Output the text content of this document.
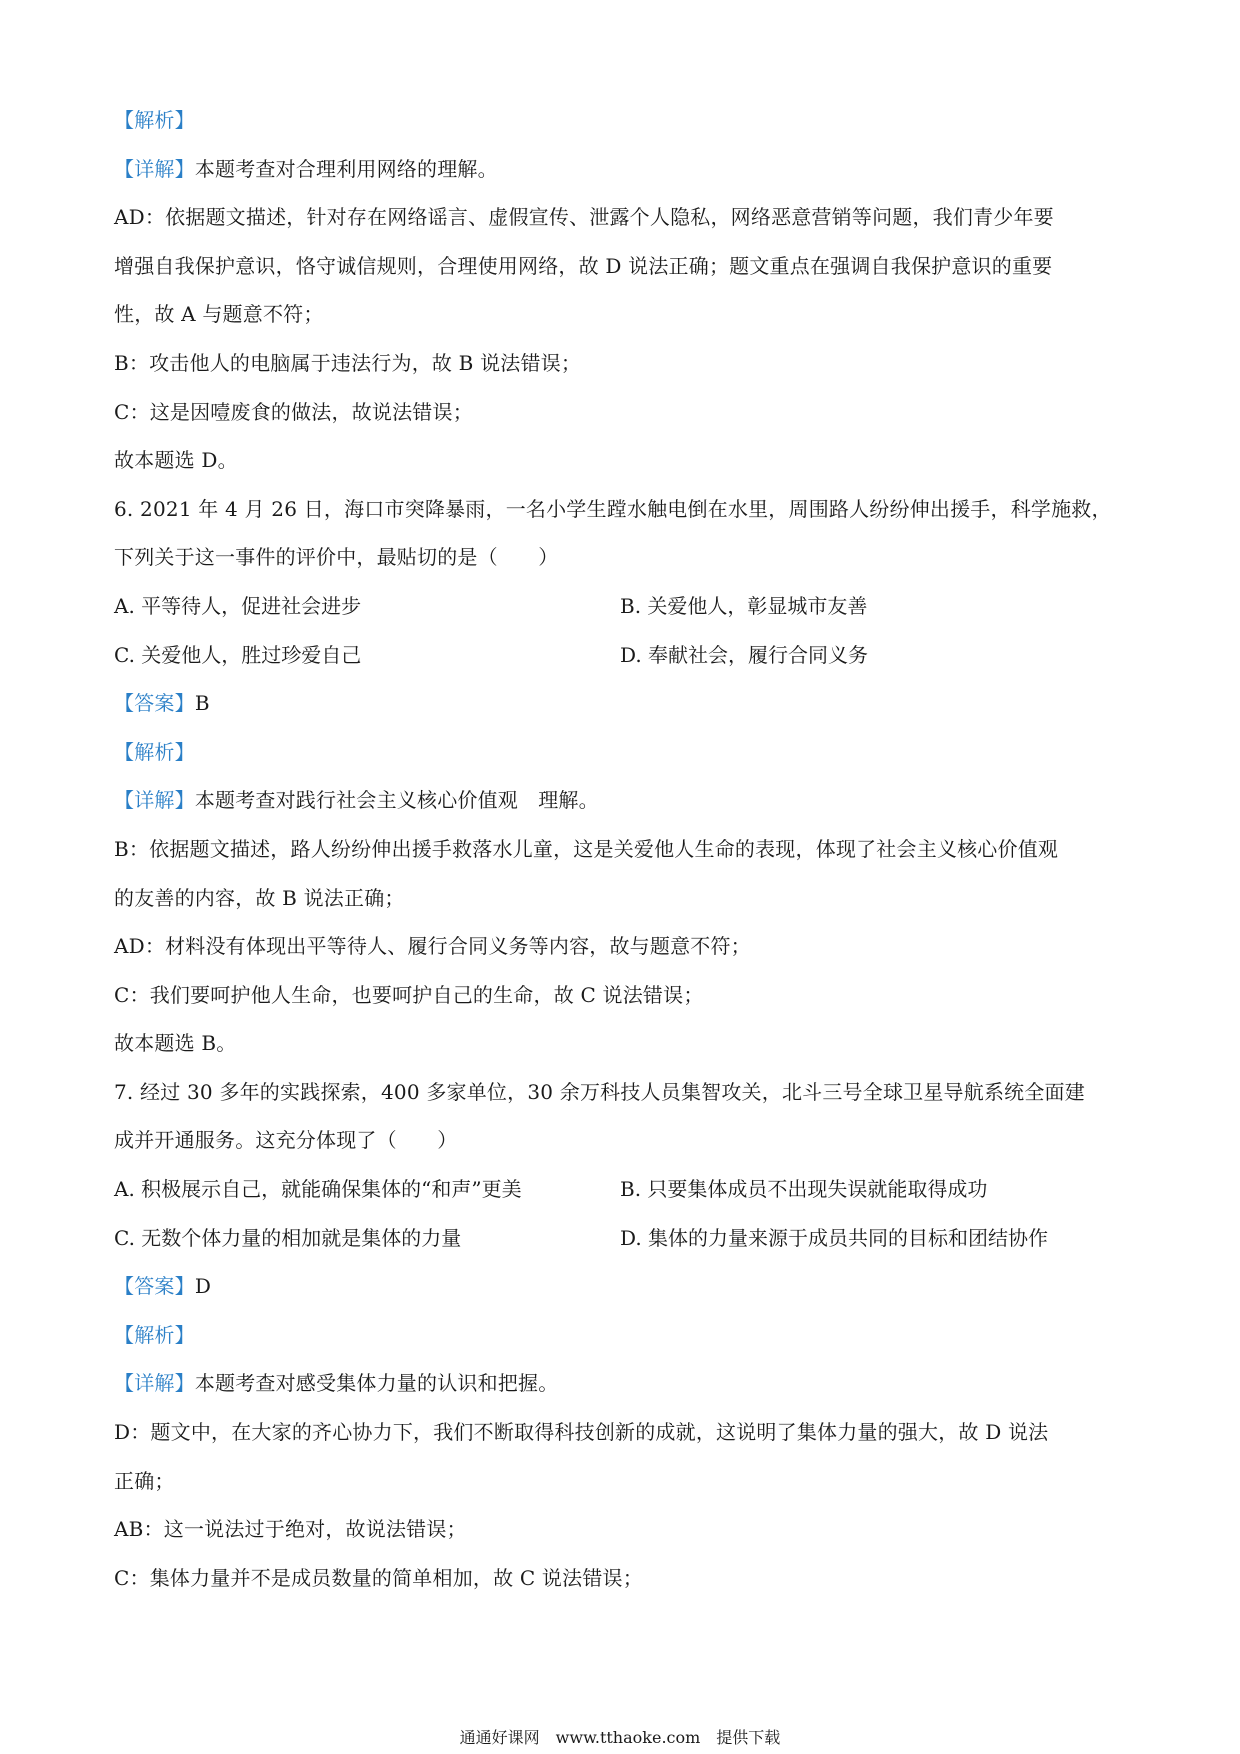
【解析】
【详解】本题考查对合理利用网络的理解。
AD：依据题文描述，针对存在网络谣言、虚假宣传、泄露个人隐私，网络恶意营销等问题，我们青少年要
增强自我保护意识，恪守诚信规则，合理使用网络，故 D 说法正确；题文重点在强调自我保护意识的重要
性，故 A 与题意不符；
B：攻击他人的电脑属于违法行为，故 B 说法错误；
C：这是因噎废食的做法，故说法错误；
故本题选 D。
6. 2021 年 4 月 26 日，海口市突降暴雨，一名小学生蹚水触电倒在水里，周围路人纷纷伸出援手，科学施救，
下列关于这一事件的评价中，最贴切的是（　　）
A. 平等待人，促进社会进步	B. 关爱他人，彰显城市友善
C. 关爱他人，胜过珍爱自己	D. 奉献社会，履行合同义务
【答案】B
【解析】
【详解】本题考查对践行社会主义核心价值观　理解。
B：依据题文描述，路人纷纷伸出援手救落水儿童，这是关爱他人生命的表现，体现了社会主义核心价值观
的友善的内容，故 B 说法正确；
AD：材料没有体现出平等待人、履行合同义务等内容，故与题意不符；
C：我们要呵护他人生命，也要呵护自己的生命，故 C 说法错误；
故本题选 B。
7. 经过 30 多年的实践探索，400 多家单位，30 余万科技人员集智攻关，北斗三号全球卫星导航系统全面建
成并开通服务。这充分体现了（　　）
A. 积极展示自己，就能确保集体的“和声”更美	B. 只要集体成员不出现失误就能取得成功
C. 无数个体力量的相加就是集体的力量	D. 集体的力量来源于成员共同的目标和团结协作
【答案】D
【解析】
【详解】本题考查对感受集体力量的认识和把握。
D：题文中，在大家的齐心协力下，我们不断取得科技创新的成就，这说明了集体力量的强大，故 D 说法
正确；
AB：这一说法过于绝对，故说法错误；
C：集体力量并不是成员数量的简单相加，故 C 说法错误；
通通好课网　www.tthaoke.com　提供下载
